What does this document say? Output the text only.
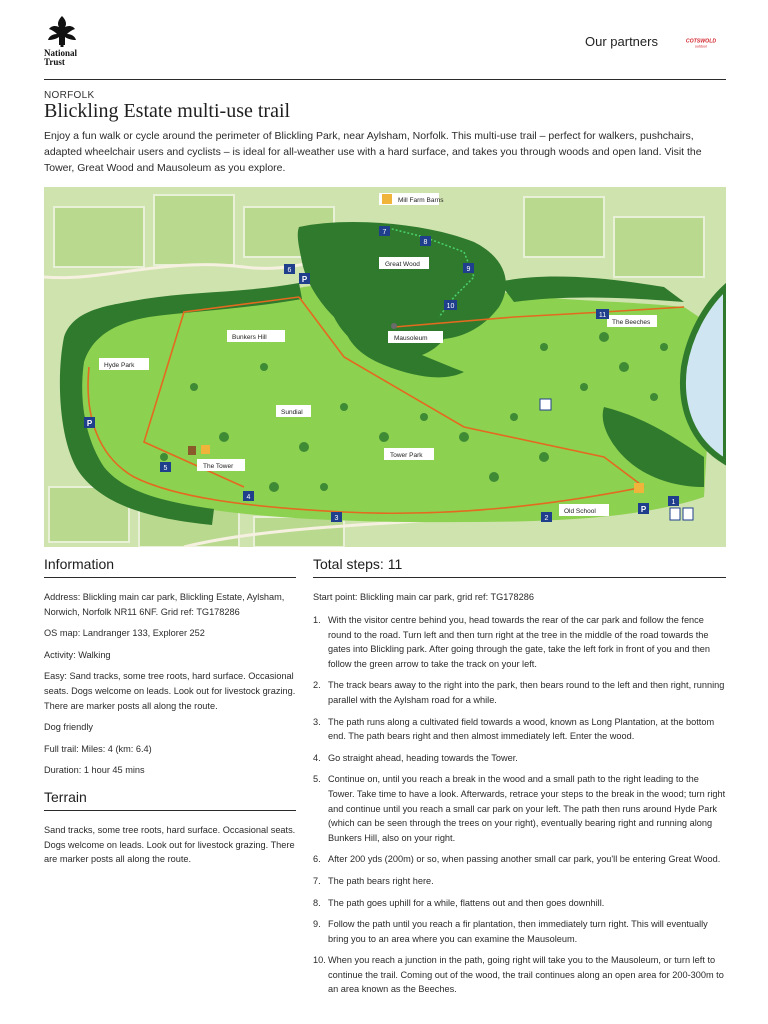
National
Trust
Our partners	COTSWOLD
outdoor
NORFOLK
Blickling Estate multi-use trail

Enjoy a fun walk or cycle around the perimeter of Blickling Park, near Aylsham, Norfolk. This multi-use trail – perfect for walkers, pushchairs, adapted wheelchair users and cyclists – is ideal for all-weather use with a hard surface, and takes you through woods and open land. Visit the Tower, Great Wood and Mausoleum as you explore.

Mill Farm Barns
Great Wood
Bunkers Hill	Mausoleum
The Beeches
Hyde Park
Sundial
Tower Park
The Tower
Old School
1
2
3
4
5
6
7
8
9
10
11
P
P
P
Information

Address: Blickling main car park, Blickling Estate, Aylsham, Norwich, Norfolk NR11 6NF. Grid ref: TG178286

OS map: Landranger 133, Explorer 252

Activity: Walking

Easy: Sand tracks, some tree roots, hard surface. Occasional seats. Dogs welcome on leads. Look out for livestock grazing. There are marker posts all along the route.

Dog friendly

Full trail: Miles: 4 (km: 6.4)

Duration: 1 hour 45 mins

Terrain

Sand tracks, some tree roots, hard surface. Occasional seats. Dogs welcome on leads. Look out for livestock grazing. There are marker posts all along the route.

Total steps: 11

Start point: Blickling main car park, grid ref: TG178286

1. With the visitor centre behind you, head towards the rear of the car park and follow the fence round to the road. Turn left and then turn right at the tree in the middle of the road towards the gates into Blickling park. After going through the gate, take the left fork in front of you and then follow the green arrow to take the track on your left.
2. The track bears away to the right into the park, then bears round to the left and then right, running parallel with the Aylsham road for a while.
3. The path runs along a cultivated field towards a wood, known as Long Plantation, at the bottom end. The path bears right and then almost immediately left. Enter the wood.
4. Go straight ahead, heading towards the Tower.
5. Continue on, until you reach a break in the wood and a small path to the right leading to the Tower. Take time to have a look. Afterwards, retrace your steps to the break in the wood; turn right and continue until you reach a small car park on your left. The path then runs around Hyde Park (which can be seen through the trees on your right), eventually bearing right and running along Bunkers Hill, also on your right.
6. After 200 yds (200m) or so, when passing another small car park, you'll be entering Great Wood.
7. The path bears right here.
8. The path goes uphill for a while, flattens out and then goes downhill.
9. Follow the path until you reach a fir plantation, then immediately turn right. This will eventually bring you to an area where you can examine the Mausoleum.
10. When you reach a junction in the path, going right will take you to the Mausoleum, or turn left to continue the trail. Coming out of the wood, the trail continues along an open area for 200-300m to an area known as the Beeches.
